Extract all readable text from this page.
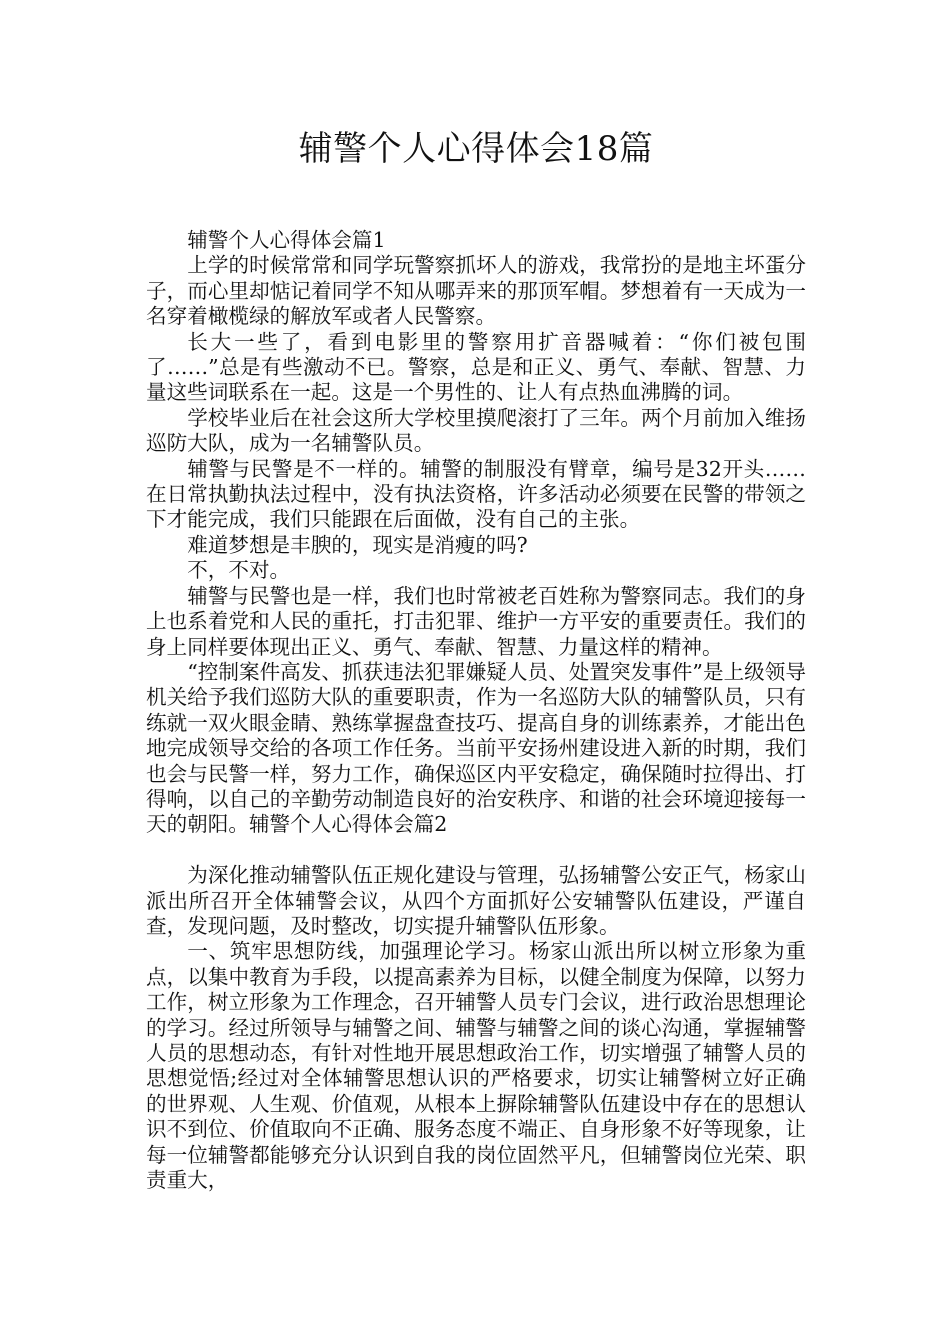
辅警个人心得体会18篇

辅警个人心得体会篇1

上学的时候常常和同学玩警察抓坏人的游戏，我常扮的是地主坏蛋分子，而心里却惦记着同学不知从哪弄来的那顶军帽。梦想着有一天成为一名穿着橄榄绿的解放军或者人民警察。

长大一些了，看到电影里的警察用扩音器喊着：“你们被包围了……”总是有些激动不已。警察，总是和正义、勇气、奉献、智慧、力量这些词联系在一起。这是一个男性的、让人有点热血沸腾的词。

学校毕业后在社会这所大学校里摸爬滚打了三年。两个月前加入维扬巡防大队，成为一名辅警队员。

辅警与民警是不一样的。辅警的制服没有臂章，编号是32开头……在日常执勤执法过程中，没有执法资格，许多活动必须要在民警的带领之下才能完成，我们只能跟在后面做，没有自己的主张。

难道梦想是丰腴的，现实是消瘦的吗?

不，不对。

辅警与民警也是一样，我们也时常被老百姓称为警察同志。我们的身上也系着党和人民的重托，打击犯罪、维护一方平安的重要责任。我们的身上同样要体现出正义、勇气、奉献、智慧、力量这样的精神。

“控制案件高发、抓获违法犯罪嫌疑人员、处置突发事件”是上级领导机关给予我们巡防大队的重要职责，作为一名巡防大队的辅警队员，只有练就一双火眼金睛、熟练掌握盘查技巧、提高自身的训练素养，才能出色地完成领导交给的各项工作任务。当前平安扬州建设进入新的时期，我们也会与民警一样，努力工作，确保巡区内平安稳定，确保随时拉得出、打得响，以自己的辛勤劳动制造良好的治安秩序、和谐的社会环境迎接每一天的朝阳。辅警个人心得体会篇2

为深化推动辅警队伍正规化建设与管理，弘扬辅警公安正气，杨家山派出所召开全体辅警会议，从四个方面抓好公安辅警队伍建设，严谨自查，发现问题，及时整改，切实提升辅警队伍形象。

一、筑牢思想防线，加强理论学习。杨家山派出所以树立形象为重点，以集中教育为手段，以提高素养为目标，以健全制度为保障，以努力工作，树立形象为工作理念，召开辅警人员专门会议，进行政治思想理论的学习。经过所领导与辅警之间、辅警与辅警之间的谈心沟通，掌握辅警人员的思想动态，有针对性地开展思想政治工作，切实增强了辅警人员的思想觉悟;经过对全体辅警思想认识的严格要求，切实让辅警树立好正确的世界观、人生观、价值观，从根本上摒除辅警队伍建设中存在的思想认识不到位、价值取向不正确、服务态度不端正、自身形象不好等现象，让每一位辅警都能够充分认识到自我的岗位固然平凡，但辅警岗位光荣、职责重大，
